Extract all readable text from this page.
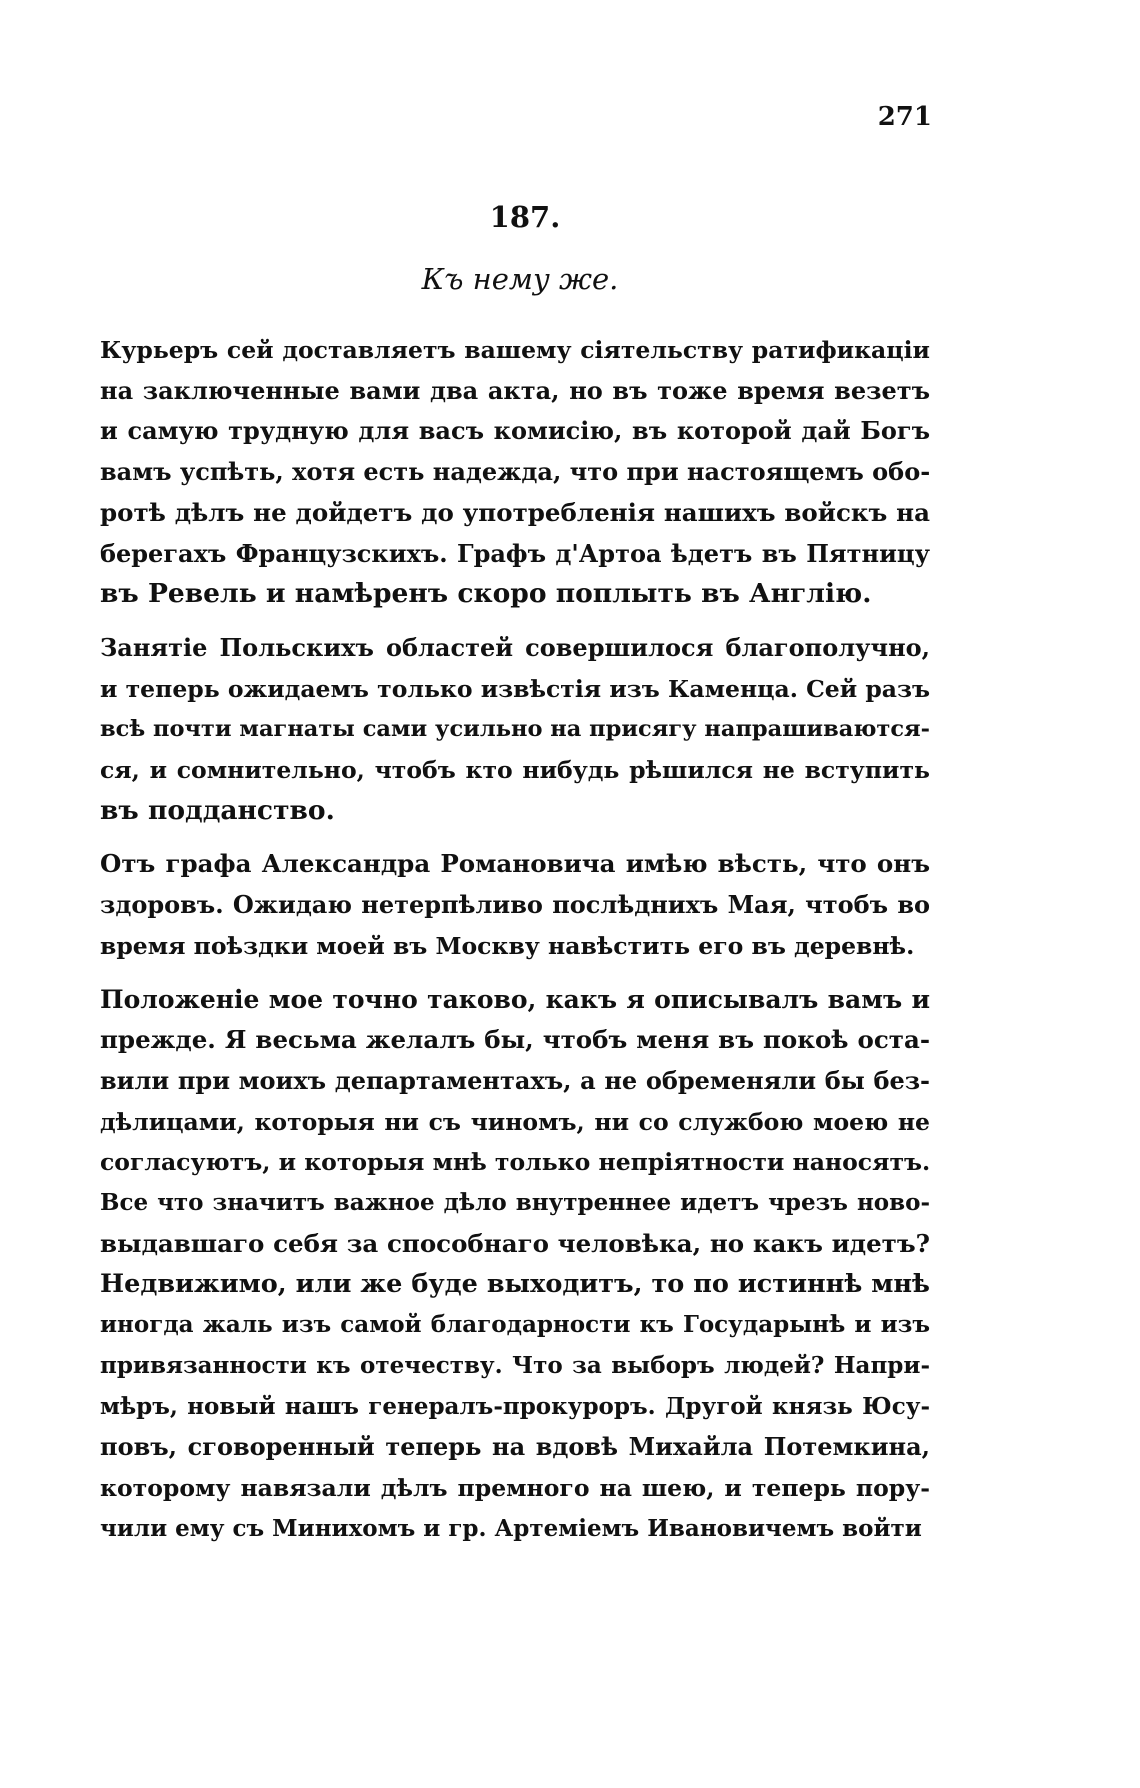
271
187.
Къ нему же.
Курьеръ сей доставляетъ вашему сіятельству ратификаціи
на заключенные вами два акта, но въ тоже время везетъ
и самую трудную для васъ комисію, въ которой дай Богъ
вамъ успѣть, хотя есть надежда, что при настоящемъ обо-
ротѣ дѣлъ не дойдетъ до употребленія нашихъ войскъ на
берегахъ Французскихъ. Графъ д'Артоа ѣдетъ въ Пятницу
въ Ревель и намѣренъ скоро поплыть въ Англію.
Занятіе Польскихъ областей совершилося благополучно,
и теперь ожидаемъ только извѣстія изъ Каменца. Сей разъ
всѣ почти магнаты сами усильно на присягу напрашиваются-
ся, и сомнительно, чтобъ кто нибудь рѣшился не вступить
въ подданство.
Отъ графа Александра Романовича имѣю вѣсть, что онъ
здоровъ. Ожидаю нетерпѣливо послѣднихъ Мая, чтобъ во
время поѣздки моей въ Москву навѣстить его въ деревнѣ.
Положеніе мое точно таково, какъ я описывалъ вамъ и
прежде. Я весьма желалъ бы, чтобъ меня въ покоѣ оста-
вили при моихъ департаментахъ, а не обременяли бы без-
дѣлицами, которыя ни съ чиномъ, ни со службою моею не
согласуютъ, и которыя мнѣ только непріятности наносятъ.
Все что значитъ важное дѣло внутреннее идетъ чрезъ ново-
выдавшаго себя за способнаго человѣка, но какъ идетъ?
Недвижимо, или же буде выходитъ, то по истиннѣ мнѣ
иногда жаль изъ самой благодарности къ Государынѣ и изъ
привязанности къ отечеству. Что за выборъ людей? Напри-
мѣръ, новый нашъ генералъ-прокуроръ. Другой князь Юсу-
повъ, сговоренный теперь на вдовѣ Михайла Потемкина,
которому навязали дѣлъ премного на шею, и теперь пору-
чили ему съ Минихомъ и гр. Артеміемъ Ивановичемъ войти
